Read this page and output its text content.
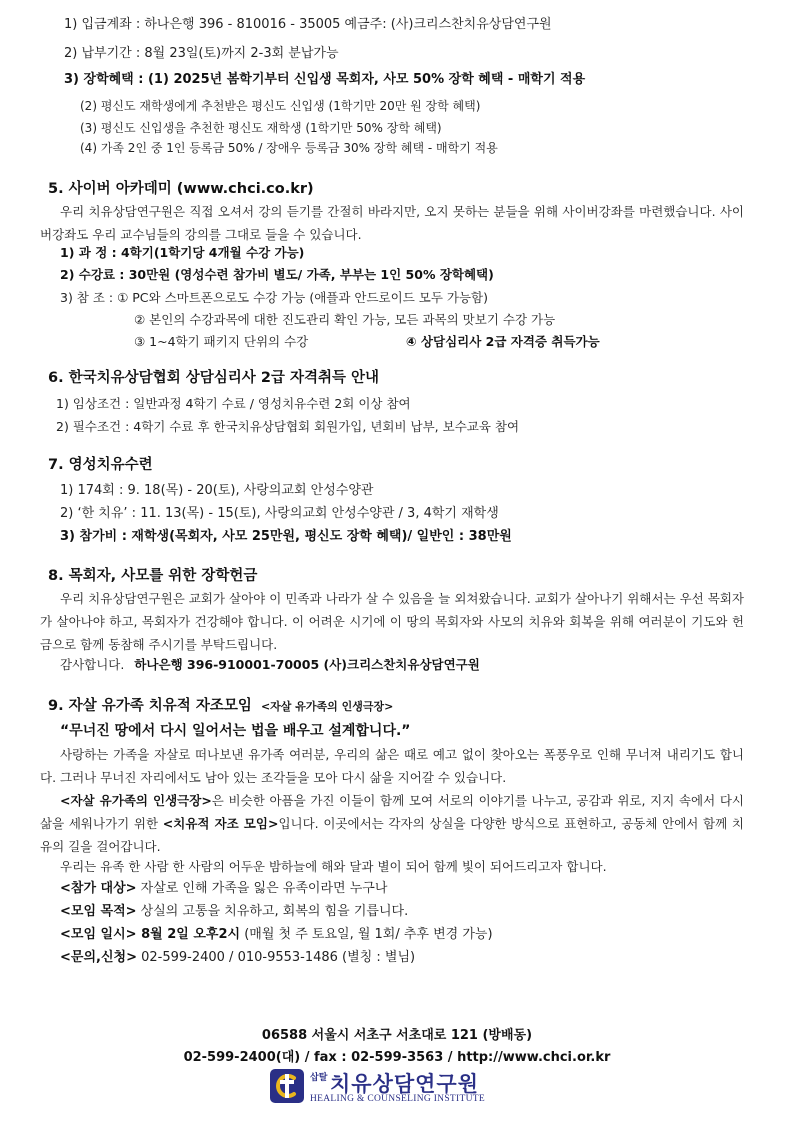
1) 입금계좌 : 하나은행 396 - 810016 - 35005 예금주: (사)크리스찬치유상담연구원
2) 납부기간 : 8월 23일(토)까지 2-3회 분납가능
3) 장학혜택 : (1) 2025년 봄학기부터 신입생 목회자, 사모 50% 장학 혜택 - 매학기 적용
(2) 평신도 재학생에게 추천받은 평신도 신입생 (1학기만 20만 원 장학 혜택)
(3) 평신도 신입생을 추천한 평신도 재학생 (1학기만 50% 장학 혜택)
(4) 가족 2인 중 1인 등록금 50% / 장애우 등록금 30% 장학 혜택 - 매학기 적용
5. 사이버 아카데미 (www.chci.co.kr)
우리 치유상담연구원은 직접 오셔서 강의 듣기를 간절히 바라지만, 오지 못하는 분들을 위해 사이버강좌를 마련했습니다. 사이버강좌도 우리 교수님들의 강의를 그대로 들을 수 있습니다.
1) 과 정 : 4학기(1학기당 4개월 수강 가능)
2) 수강료 : 30만원 (영성수련 참가비 별도/ 가족, 부부는 1인 50% 장학혜택)
3) 참 조 : ① PC와 스마트폰으로도 수강 가능 (애플과 안드로이드 모두 가능함)
② 본인의 수강과목에 대한 진도관리 확인 가능, 모든 과목의 맛보기 수강 가능
③ 1~4학기 패키지 단위의 수강	④ 상담심리사 2급 자격증 취득가능
6. 한국치유상담협회 상담심리사 2급 자격취득 안내
1) 임상조건 : 일반과정 4학기 수료 / 영성치유수련 2회 이상 참여
2) 필수조건 : 4학기 수료 후 한국치유상담협회 회원가입, 년회비 납부, 보수교육 참여
7. 영성치유수련
1) 174회 : 9. 18(목) - 20(토), 사랑의교회 안성수양관
2) ‘한 치유’ : 11. 13(목) - 15(토), 사랑의교회 안성수양관 / 3, 4학기 재학생
3) 참가비 : 재학생(목회자, 사모 25만원, 평신도 장학 혜택)/ 일반인 : 38만원
8. 목회자, 사모를 위한 장학헌금
우리 치유상담연구원은 교회가 살아야 이 민족과 나라가 살 수 있음을 늘 외쳐왔습니다. 교회가 살아나기 위해서는 우선 목회자가 살아나야 하고, 목회자가 건강해야 합니다. 이 어려운 시기에 이 땅의 목회자와 사모의 치유와 회복을 위해 여러분이 기도와 헌금으로 함께 동참해 주시기를 부탁드립니다.
감사합니다. 하나은행 396-910001-70005 (사)크리스찬치유상담연구원
9. 자살 유가족 치유적 자조모임 <자살 유가족의 인생극장>
“무너진 땅에서 다시 일어서는 법을 배우고 설계합니다.”
사랑하는 가족을 자살로 떠나보낸 유가족 여러분, 우리의 삶은 때로 예고 없이 찾아오는 폭풍우로 인해 무너져 내리기도 합니다. 그러나 무너진 자리에서도 남아 있는 조각들을 모아 다시 삶을 지어갈 수 있습니다.
<자살 유가족의 인생극장>은 비슷한 아픔을 가진 이들이 함께 모여 서로의 이야기를 나누고, 공감과 위로, 지지 속에서 다시 삶을 세워나가기 위한 <치유적 자조 모임>입니다. 이곳에서는 각자의 상실을 다양한 방식으로 표현하고, 공동체 안에서 함께 치유의 길을 걸어갑니다.
우리는 유족 한 사람 한 사람의 어두운 밤하늘에 해와 달과 별이 되어 함께 빛이 되어드리고자 합니다.
<참가 대상> 자살로 인해 가족을 잃은 유족이라면 누구나
<모임 목적> 상실의 고통을 치유하고, 회복의 힘을 기릅니다.
<모임 일시> 8월 2일 오후2시 (매월 첫 주 토요일, 월 1회/ 추후 변경 가능)
<문의,신청> 02-599-2400 / 010-9553-1486 (별칭 : 별님)
06588 서울시 서초구 서초대로 121 (방배동)
02-599-2400(대) / fax : 02-599-3563 / http://www.chci.or.kr
삽탈 치유상담연구원
HEALING & COUNSELING INSTITUTE
